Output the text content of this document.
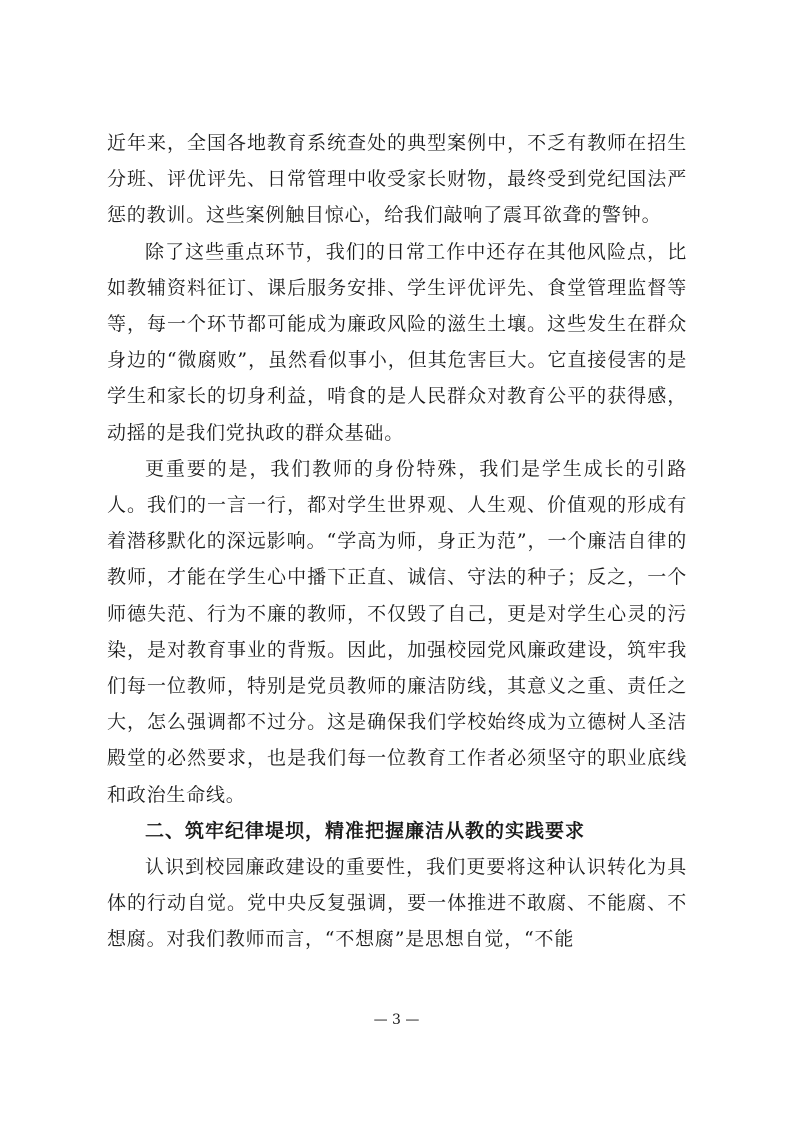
近年来，全国各地教育系统查处的典型案例中，不乏有教师在招生分班、评优评先、日常管理中收受家长财物，最终受到党纪国法严惩的教训。这些案例触目惊心，给我们敲响了震耳欲聋的警钟。

除了这些重点环节，我们的日常工作中还存在其他风险点，比如教辅资料征订、课后服务安排、学生评优评先、食堂管理监督等等，每一个环节都可能成为廉政风险的滋生土壤。这些发生在群众身边的“微腐败”，虽然看似事小，但其危害巨大。它直接侵害的是学生和家长的切身利益，啃食的是人民群众对教育公平的获得感，动摇的是我们党执政的群众基础。

更重要的是，我们教师的身份特殊，我们是学生成长的引路人。我们的一言一行，都对学生世界观、人生观、价值观的形成有着潜移默化的深远影响。“学高为师，身正为范”，一个廉洁自律的教师，才能在学生心中播下正直、诚信、守法的种子；反之，一个师德失范、行为不廉的教师，不仅毁了自己，更是对学生心灵的污染，是对教育事业的背叛。因此，加强校园党风廉政建设，筑牢我们每一位教师，特别是党员教师的廉洁防线，其意义之重、责任之大，怎么强调都不过分。这是确保我们学校始终成为立德树人圣洁殿堂的必然要求，也是我们每一位教育工作者必须坚守的职业底线和政治生命线。

二、筑牢纪律堤坝，精准把握廉洁从教的实践要求

认识到校园廉政建设的重要性，我们更要将这种认识转化为具体的行动自觉。党中央反复强调，要一体推进不敢腐、不能腐、不想腐。对我们教师而言，“不想腐”是思想自觉，“不能

— 3 —
